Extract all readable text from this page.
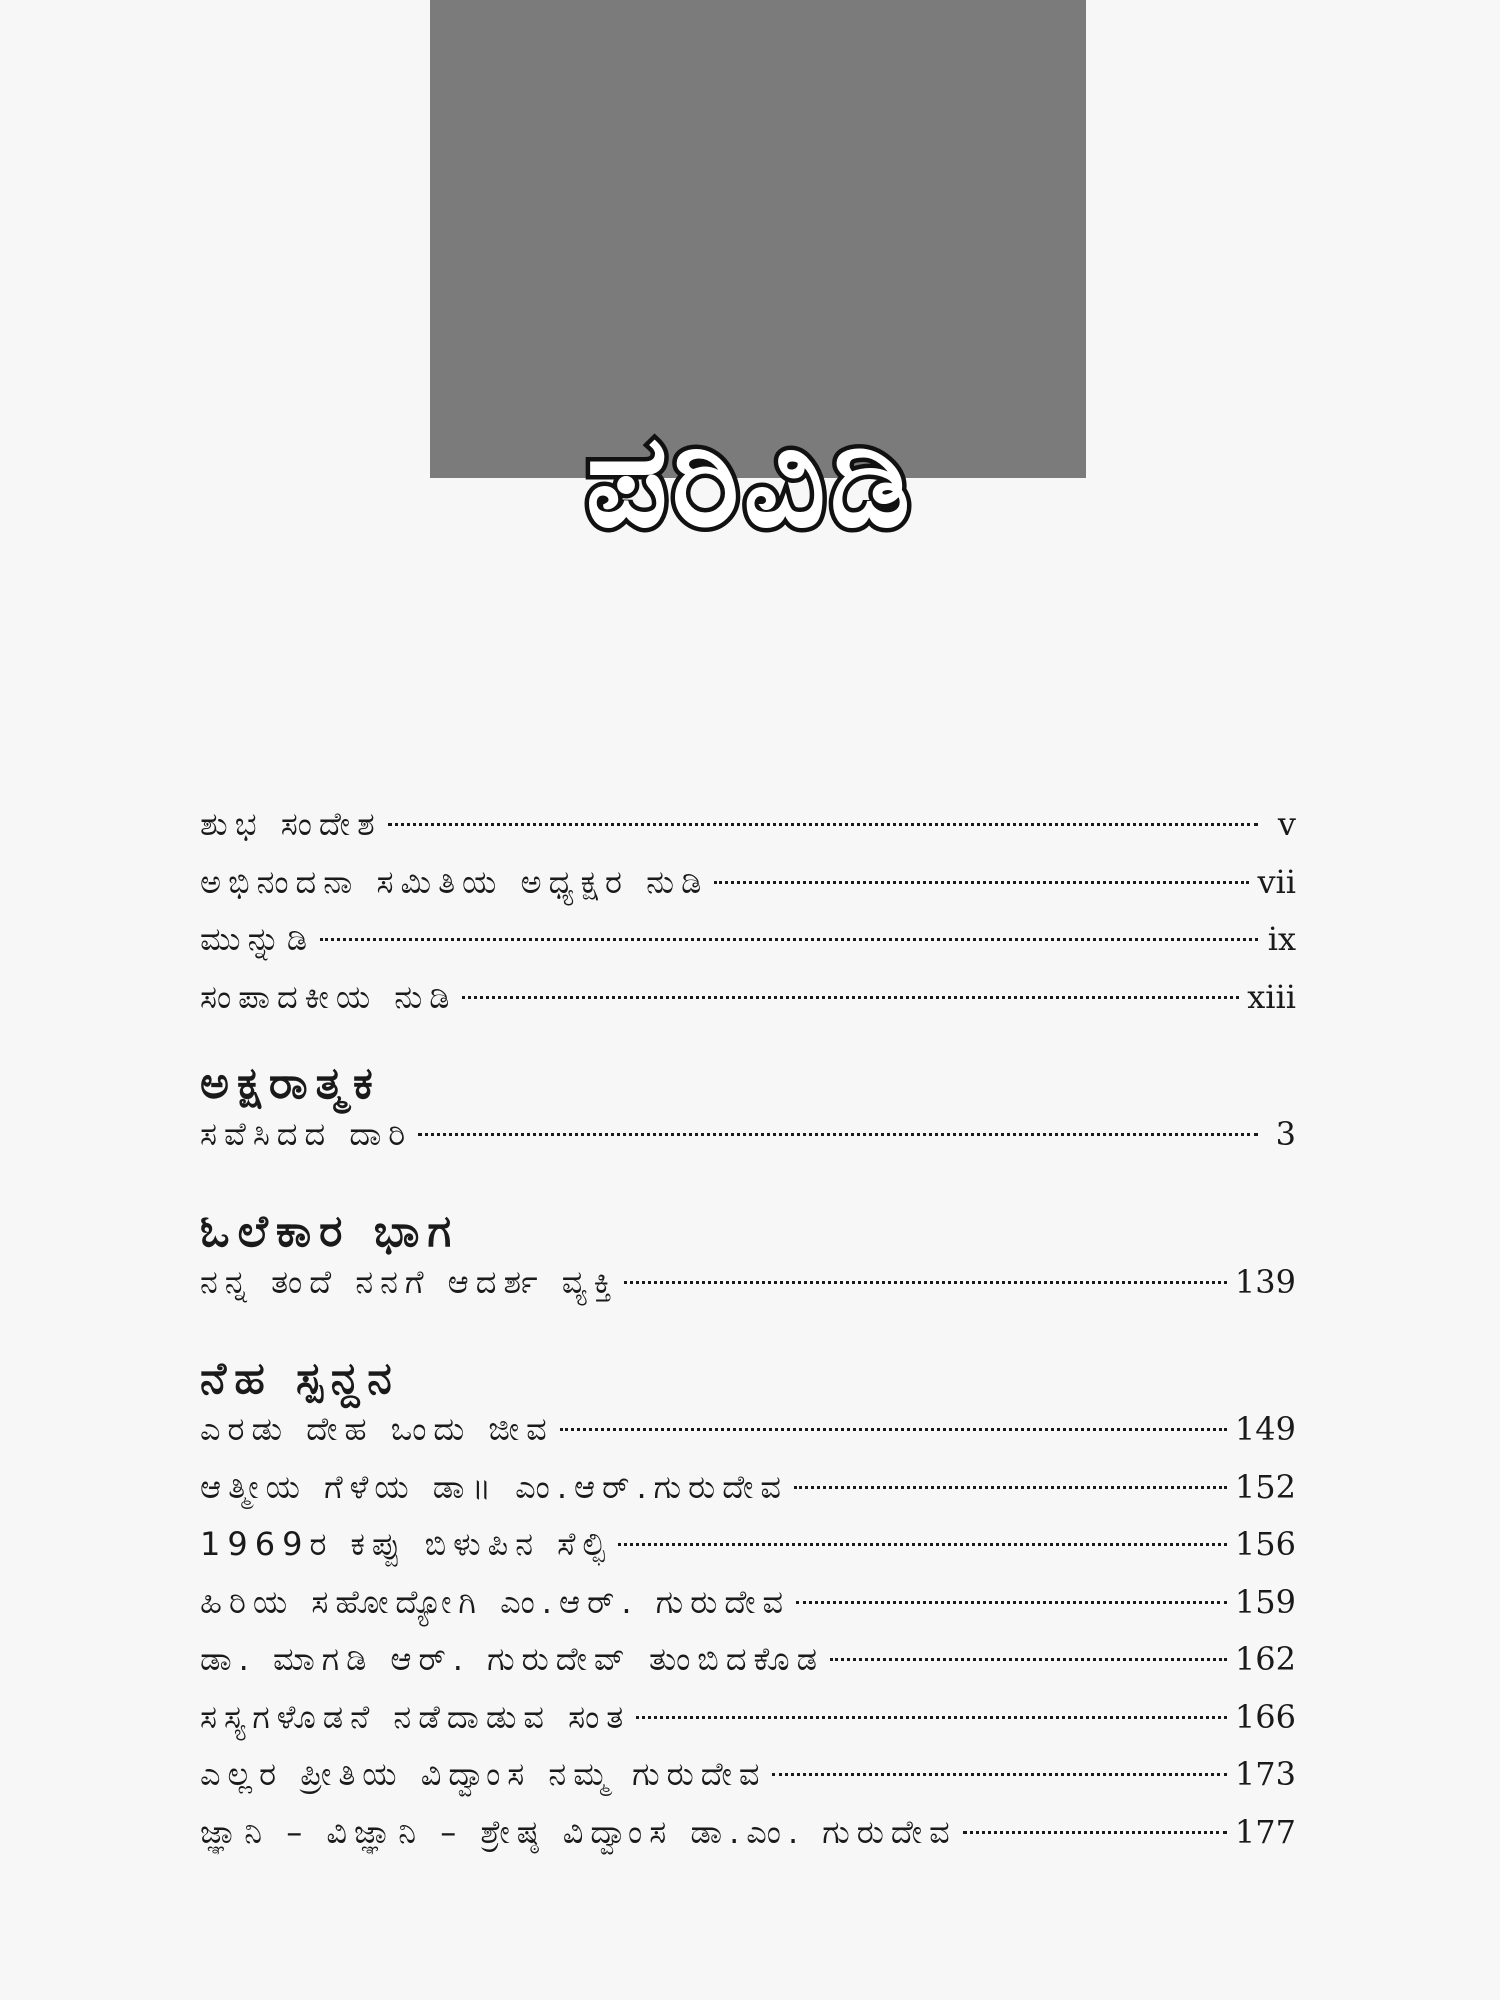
ಪರಿವಿಡಿ
ಶುಭ ಸಂದೇಶ	v
ಅಭಿನಂದನಾ ಸಮಿತಿಯ ಅಧ್ಯಕ್ಷರ ನುಡಿ	vii
ಮುನ್ನುಡಿ	ix
ಸಂಪಾದಕೀಯ ನುಡಿ	xiii
ಅಕ್ಷರಾತ್ಮಕ
ಸವೆಸಿದದ ದಾರಿ	3
ಓಲೆಕಾರ ಭಾಗ
ನನ್ನ ತಂದೆ ನನಗೆ ಆದರ್ಶ ವ್ಯಕ್ತಿ	139
ನೆಹ ಸ್ಪನ್ದನ
ಎರಡು ದೇಹ ಒಂದು ಜೀವ	149
ಆತ್ಮೀಯ ಗೆಳೆಯ ಡಾ॥ ಎಂ.ಆರ್.ಗುರುದೇವ	152
1969ರ ಕಪ್ಪು ಬಿಳುಪಿನ ಸೆಲ್ಫಿ	156
ಹಿರಿಯ ಸಹೋದ್ಯೋಗಿ ಎಂ.ಆರ್. ಗುರುದೇವ	159
ಡಾ. ಮಾಗಡಿ ಆರ್. ಗುರುದೇವ್ ತುಂಬಿದಕೊಡ	162
ಸಸ್ಯಗಳೊಡನೆ ನಡೆದಾಡುವ ಸಂತ	166
ಎಲ್ಲರ ಪ್ರೀತಿಯ ವಿದ್ವಾಂಸ ನಮ್ಮ ಗುರುದೇವ	173
ಜ್ಞಾನಿ – ವಿಜ್ಞಾನಿ – ಶ್ರೇಷ್ಠ ವಿದ್ವಾಂಸ ಡಾ.ಎಂ. ಗುರುದೇವ	177
